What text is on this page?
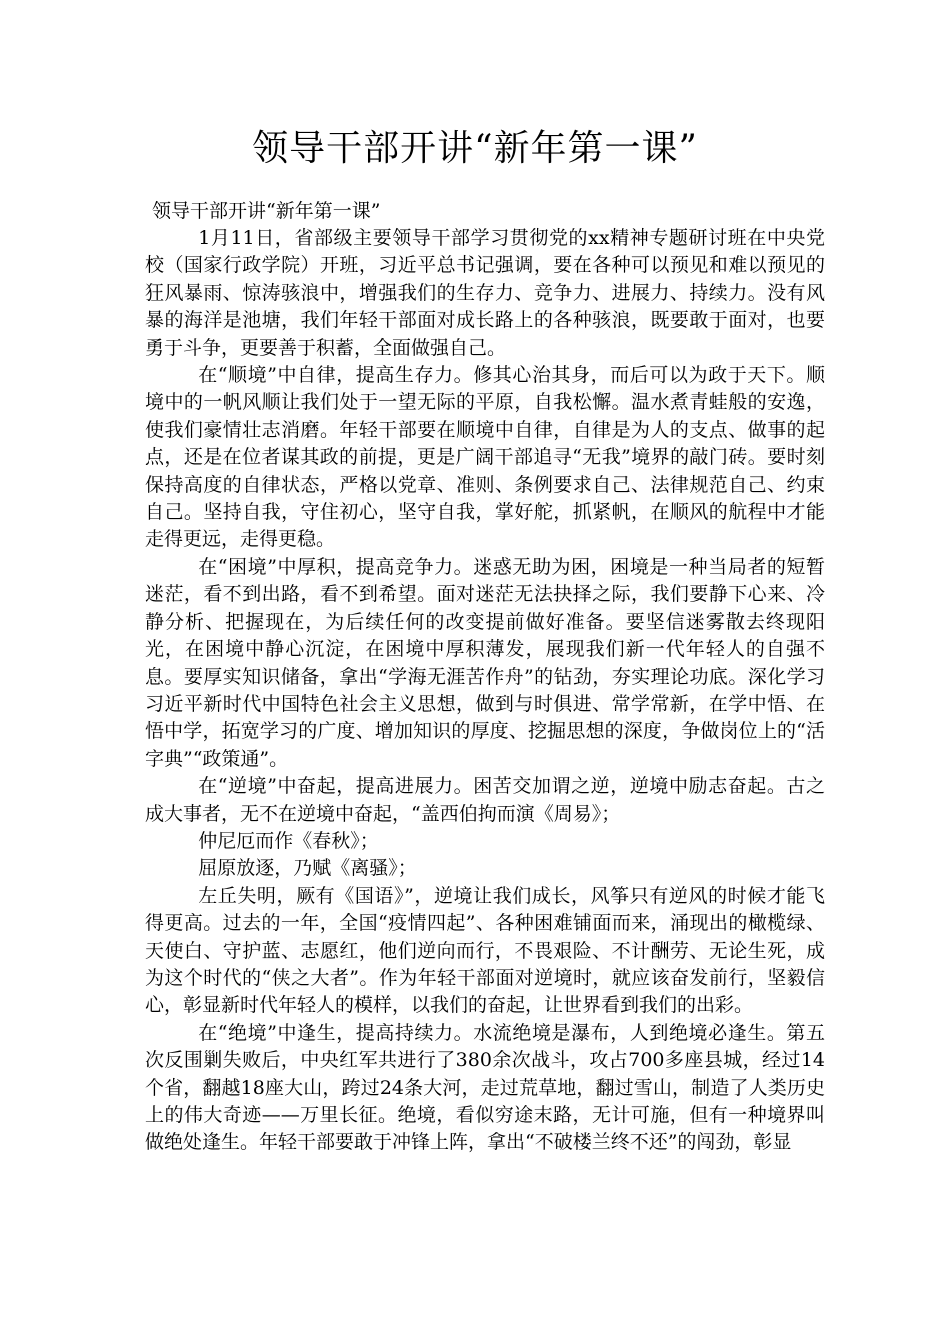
领导干部开讲“新年第一课”
领导干部开讲“新年第一课”

1月11日，省部级主要领导干部学习贯彻党的xx精神专题研讨班在中央党校（国家行政学院）开班，习近平总书记强调，要在各种可以预见和难以预见的狂风暴雨、惊涛骇浪中，增强我们的生存力、竞争力、进展力、持续力。没有风暴的海洋是池塘，我们年轻干部面对成长路上的各种骇浪，既要敢于面对，也要勇于斗争，更要善于积蓄，全面做强自己。

在“顺境”中自律，提高生存力。修其心治其身，而后可以为政于天下。顺境中的一帆风顺让我们处于一望无际的平原，自我松懈。温水煮青蛙般的安逸，使我们豪情壮志消磨。年轻干部要在顺境中自律，自律是为人的支点、做事的起点，还是在位者谋其政的前提，更是广阔干部追寻“无我”境界的敲门砖。要时刻保持高度的自律状态，严格以党章、准则、条例要求自己、法律规范自己、约束自己。坚持自我，守住初心，坚守自我，掌好舵，抓紧帆，在顺风的航程中才能走得更远，走得更稳。

在“困境”中厚积，提高竞争力。迷惑无助为困，困境是一种当局者的短暂迷茫，看不到出路，看不到希望。面对迷茫无法抉择之际，我们要静下心来、冷静分析、把握现在，为后续任何的改变提前做好准备。要坚信迷雾散去终现阳光，在困境中静心沉淀，在困境中厚积薄发，展现我们新一代年轻人的自强不息。要厚实知识储备，拿出“学海无涯苦作舟”的钻劲，夯实理论功底。深化学习习近平新时代中国特色社会主义思想，做到与时俱进、常学常新，在学中悟、在悟中学，拓宽学习的广度、增加知识的厚度、挖掘思想的深度，争做岗位上的“活字典”“政策通”。

在“逆境”中奋起，提高进展力。困苦交加谓之逆，逆境中励志奋起。古之成大事者，无不在逆境中奋起，“盖西伯拘而演《周易》；

仲尼厄而作《春秋》；

屈原放逐，乃赋《离骚》；

左丘失明，厥有《国语》”，逆境让我们成长，风筝只有逆风的时候才能飞得更高。过去的一年，全国“疫情四起”、各种困难铺面而来，涌现出的橄榄绿、天使白、守护蓝、志愿红，他们逆向而行，不畏艰险、不计酬劳、无论生死，成为这个时代的“侠之大者”。作为年轻干部面对逆境时，就应该奋发前行，坚毅信心，彰显新时代年轻人的模样，以我们的奋起，让世界看到我们的出彩。

在“绝境”中逢生，提高持续力。水流绝境是瀑布，人到绝境必逢生。第五次反围剿失败后，中央红军共进行了380余次战斗，攻占700多座县城，经过14个省，翻越18座大山，跨过24条大河，走过荒草地，翻过雪山，制造了人类历史上的伟大奇迹——万里长征。绝境，看似穷途末路，无计可施，但有一种境界叫做绝处逢生。年轻干部要敢于冲锋上阵，拿出“不破楼兰终不还”的闯劲，彰显
